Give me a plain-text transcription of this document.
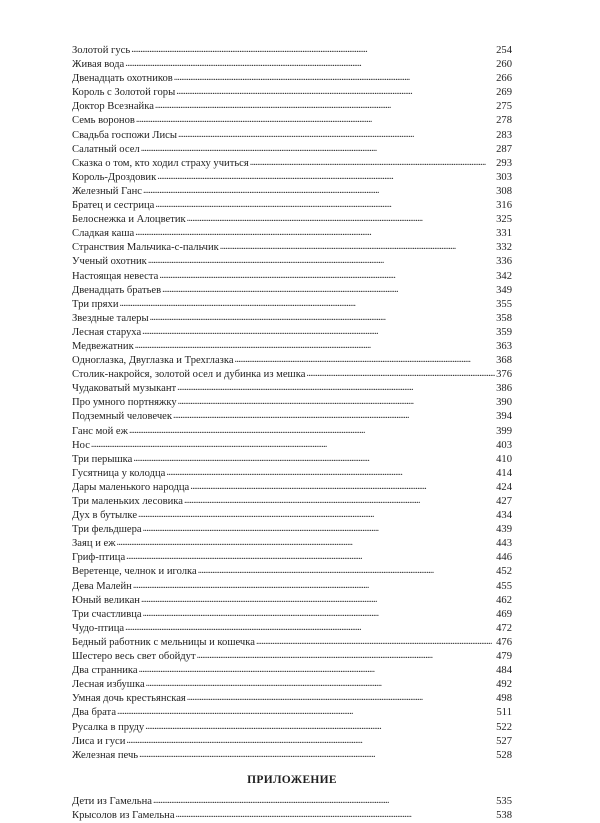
Золотой гусь . . .	254
Живая вода . . .	260
Двенадцать охотников . . .	266
Король с Золотой горы . . .	269
Доктор Всезнайка . . .	275
Семь воронов . . .	278
Свадьба госпожи Лисы . . .	283
Салатный осел . . .	287
Сказка о том, кто ходил страху учиться . . .	293
Король-Дроздовик . . .	303
Железный Ганс . . .	308
Братец и сестрица . . .	316
Белоснежка и Алоцветик . . .	325
Сладкая каша . . .	331
Странствия Мальчика-с-пальчик . . .	332
Ученый охотник . . .	336
Настоящая невеста . . .	342
Двенадцать братьев . . .	349
Три пряхи . . .	355
Звездные талеры . . .	358
Лесная старуха . . .	359
Медвежатник . . .	363
Одноглазка, Двуглазка и Трехглазка . . .	368
Столик-накройся, золотой осел и дубинка из мешка . . .	376
Чудаковатый музыкант . . .	386
Про умного портняжку . . .	390
Подземный человечек . . .	394
Ганс мой еж . . .	399
Нос . . .	403
Три перышка . . .	410
Гусятница у колодца . . .	414
Дары маленького народца . . .	424
Три маленьких лесовика . . .	427
Дух в бутылке . . .	434
Три фельдшера . . .	439
Заяц и еж . . .	443
Гриф-птица . . .	446
Веретенце, челнок и иголка . . .	452
Дева Малейн . . .	455
Юный великан . . .	462
Три счастливца . . .	469
Чудо-птица . . .	472
Бедный работник с мельницы и кошечка . . .	476
Шестеро весь свет обойдут . . .	479
Два странника . . .	484
Лесная избушка . . .	492
Умная дочь крестьянская . . .	498
Два брата . . .	511
Русалка в пруду . . .	522
Лиса и гуси . . .	527
Железная печь . . .	528
ПРИЛОЖЕНИЕ
Дети из Гамельна . . .	535
Крысолов из Гамельна . . .	538
